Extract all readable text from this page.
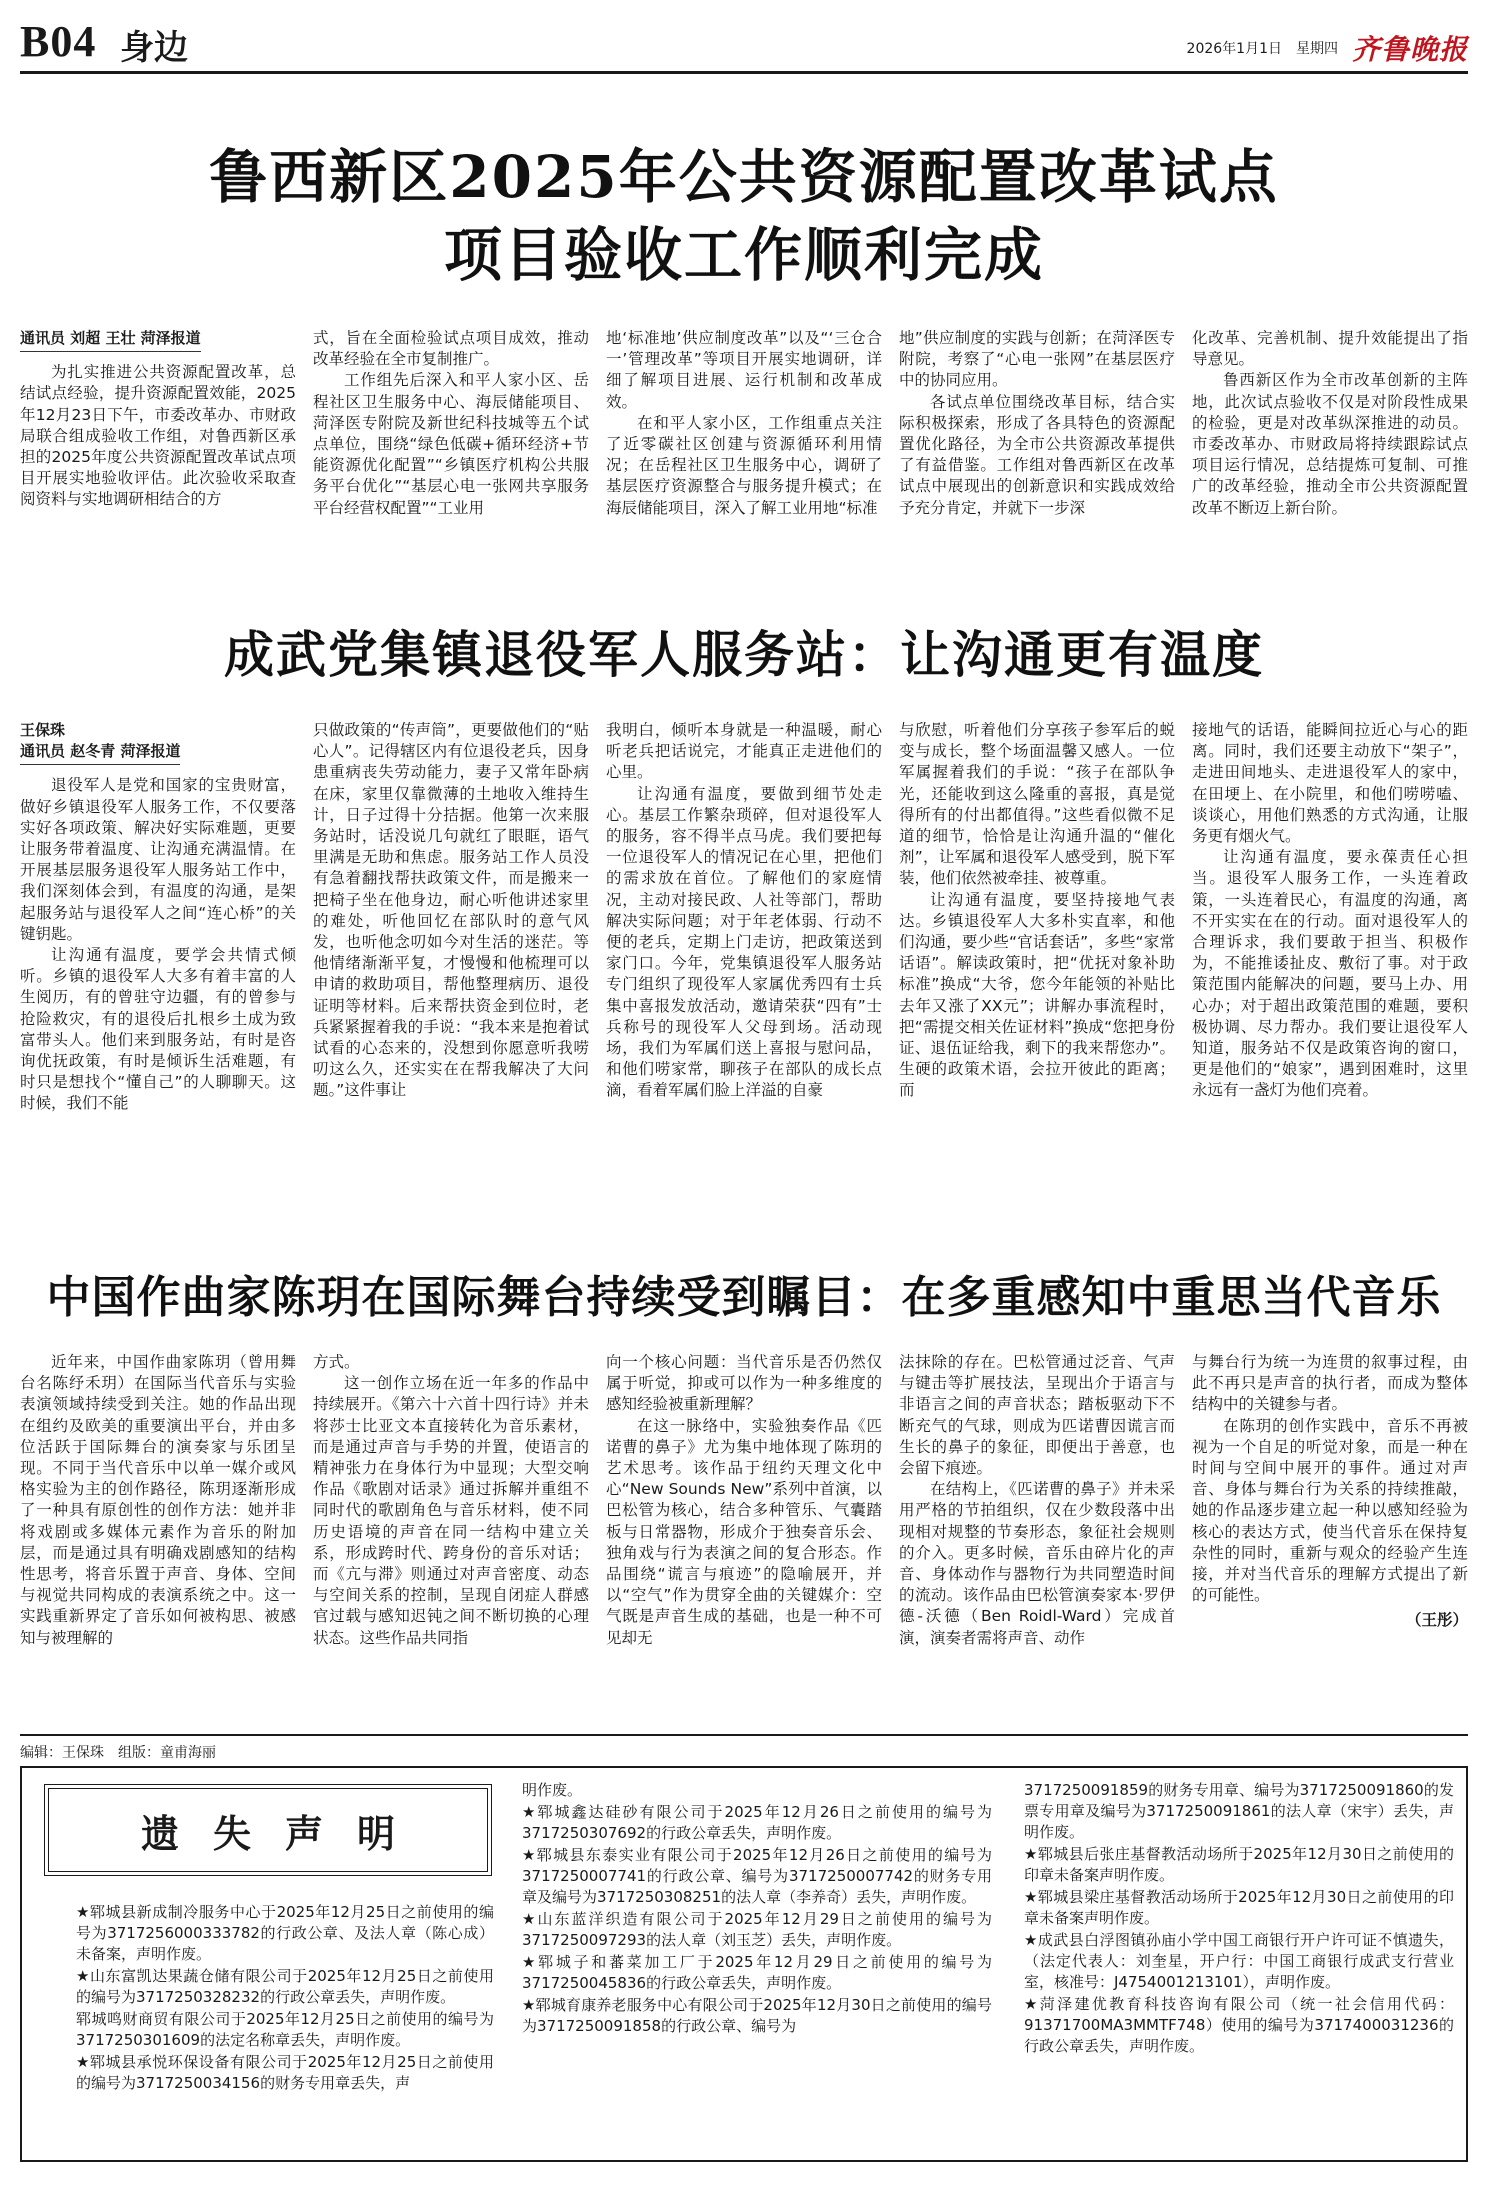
B04 身边	2026年1月1日 星期四 齐鲁晚报
鲁西新区2025年公共资源配置改革试点
项目验收工作顺利完成

通讯员 刘超 王壮 菏泽报道

为扎实推进公共资源配置改革，总结试点经验，提升资源配置效能，2025年12月23日下午，市委改革办、市财政局联合组成验收工作组，对鲁西新区承担的2025年度公共资源配置改革试点项目开展实地验收评估。此次验收采取查阅资料与实地调研相结合的方

式，旨在全面检验试点项目成效，推动改革经验在全市复制推广。

工作组先后深入和平人家小区、岳程社区卫生服务中心、海辰储能项目、菏泽医专附院及新世纪科技城等五个试点单位，围绕“绿色低碳+循环经济+节能资源优化配置”“乡镇医疗机构公共服务平台优化”“基层心电一张网共享服务平台经营权配置”“工业用

地‘标准地’供应制度改革”以及“‘三仓合一’管理改革”等项目开展实地调研，详细了解项目进展、运行机制和改革成效。

在和平人家小区，工作组重点关注了近零碳社区创建与资源循环利用情况；在岳程社区卫生服务中心，调研了基层医疗资源整合与服务提升模式；在海辰储能项目，深入了解工业用地“标准

地”供应制度的实践与创新；在菏泽医专附院，考察了“心电一张网”在基层医疗中的协同应用。

各试点单位围绕改革目标，结合实际积极探索，形成了各具特色的资源配置优化路径，为全市公共资源改革提供了有益借鉴。工作组对鲁西新区在改革试点中展现出的创新意识和实践成效给予充分肯定，并就下一步深

化改革、完善机制、提升效能提出了指导意见。

鲁西新区作为全市改革创新的主阵地，此次试点验收不仅是对阶段性成果的检验，更是对改革纵深推进的动员。市委改革办、市财政局将持续跟踪试点项目运行情况，总结提炼可复制、可推广的改革经验，推动全市公共资源配置改革不断迈上新台阶。

成武党集镇退役军人服务站：让沟通更有温度

王保珠

通讯员 赵冬青 菏泽报道

退役军人是党和国家的宝贵财富，做好乡镇退役军人服务工作，不仅要落实好各项政策、解决好实际难题，更要让服务带着温度、让沟通充满温情。在开展基层服务退役军人服务站工作中，我们深刻体会到，有温度的沟通，是架起服务站与退役军人之间“连心桥”的关键钥匙。

让沟通有温度，要学会共情式倾听。乡镇的退役军人大多有着丰富的人生阅历，有的曾驻守边疆，有的曾参与抢险救灾，有的退役后扎根乡土成为致富带头人。他们来到服务站，有时是咨询优抚政策，有时是倾诉生活难题，有时只是想找个“懂自己”的人聊聊天。这时候，我们不能

只做政策的“传声筒”，更要做他们的“贴心人”。记得辖区内有位退役老兵，因身患重病丧失劳动能力，妻子又常年卧病在床，家里仅靠微薄的土地收入维持生计，日子过得十分拮据。他第一次来服务站时，话没说几句就红了眼眶，语气里满是无助和焦虑。服务站工作人员没有急着翻找帮扶政策文件，而是搬来一把椅子坐在他身边，耐心听他讲述家里的难处，听他回忆在部队时的意气风发，也听他念叨如今对生活的迷茫。等他情绪渐渐平复，才慢慢和他梳理可以申请的救助项目，帮他整理病历、退役证明等材料。后来帮扶资金到位时，老兵紧紧握着我的手说：“我本来是抱着试试看的心态来的，没想到你愿意听我唠叨这么久，还实实在在帮我解决了大问题。”这件事让

我明白，倾听本身就是一种温暖，耐心听老兵把话说完，才能真正走进他们的心里。

让沟通有温度，要做到细节处走心。基层工作繁杂琐碎，但对退役军人的服务，容不得半点马虎。我们要把每一位退役军人的情况记在心里，把他们的需求放在首位。了解他们的家庭情况，主动对接民政、人社等部门，帮助解决实际问题；对于年老体弱、行动不便的老兵，定期上门走访，把政策送到家门口。今年，党集镇退役军人服务站专门组织了现役军人家属优秀四有士兵集中喜报发放活动，邀请荣获“四有”士兵称号的现役军人父母到场。活动现场，我们为军属们送上喜报与慰问品，和他们唠家常，聊孩子在部队的成长点滴，看着军属们脸上洋溢的自豪

与欣慰，听着他们分享孩子参军后的蜕变与成长，整个场面温馨又感人。一位军属握着我们的手说：“孩子在部队争光，还能收到这么隆重的喜报，真是觉得所有的付出都值得。”这些看似微不足道的细节，恰恰是让沟通升温的“催化剂”，让军属和退役军人感受到，脱下军装，他们依然被牵挂、被尊重。

让沟通有温度，要坚持接地气表达。乡镇退役军人大多朴实直率，和他们沟通，要少些“官话套话”，多些“家常话语”。解读政策时，把“优抚对象补助标准”换成“大爷，您今年能领的补贴比去年又涨了XX元”；讲解办事流程时，把“需提交相关佐证材料”换成“您把身份证、退伍证给我，剩下的我来帮您办”。生硬的政策术语，会拉开彼此的距离；而

接地气的话语，能瞬间拉近心与心的距离。同时，我们还要主动放下“架子”，走进田间地头、走进退役军人的家中，在田埂上、在小院里，和他们唠唠嗑、谈谈心，用他们熟悉的方式沟通，让服务更有烟火气。

让沟通有温度，要永葆责任心担当。退役军人服务工作，一头连着政策，一头连着民心，有温度的沟通，离不开实实在在的行动。面对退役军人的合理诉求，我们要敢于担当、积极作为，不能推诿扯皮、敷衍了事。对于政策范围内能解决的问题，要马上办、用心办；对于超出政策范围的难题，要积极协调、尽力帮办。我们要让退役军人知道，服务站不仅是政策咨询的窗口，更是他们的“娘家”，遇到困难时，这里永远有一盏灯为他们亮着。

中国作曲家陈玥在国际舞台持续受到瞩目：在多重感知中重思当代音乐

近年来，中国作曲家陈玥（曾用舞台名陈纾禾玥）在国际当代音乐与实验表演领域持续受到关注。她的作品出现在组约及欧美的重要演出平台，并由多位活跃于国际舞台的演奏家与乐团呈现。不同于当代音乐中以单一媒介或风格实验为主的创作路径，陈玥逐渐形成了一种具有原创性的创作方法：她并非将戏剧或多媒体元素作为音乐的附加层，而是通过具有明确戏剧感知的结构性思考，将音乐置于声音、身体、空间与视觉共同构成的表演系统之中。这一实践重新界定了音乐如何被构思、被感知与被理解的

方式。

这一创作立场在近一年多的作品中持续展开。《第六十六首十四行诗》并未将莎士比亚文本直接转化为音乐素材，而是通过声音与手势的并置，使语言的精神张力在身体行为中显现；大型交响作品《歌剧对话录》通过拆解并重组不同时代的歌剧角色与音乐材料，使不同历史语境的声音在同一结构中建立关系，形成跨时代、跨身份的音乐对话；而《亢与滞》则通过对声音密度、动态与空间关系的控制，呈现自闭症人群感官过载与感知迟钝之间不断切换的心理状态。这些作品共同指

向一个核心问题：当代音乐是否仍然仅属于听觉，抑或可以作为一种多维度的感知经验被重新理解？

在这一脉络中，实验独奏作品《匹诺曹的鼻子》尤为集中地体现了陈玥的艺术思考。该作品于纽约天理文化中心“New Sounds New”系列中首演，以巴松管为核心，结合多种管乐、气囊踏板与日常器物，形成介于独奏音乐会、独角戏与行为表演之间的复合形态。作品围绕“谎言与痕迹”的隐喻展开，并以“空气”作为贯穿全曲的关键媒介：空气既是声音生成的基础，也是一种不可见却无

法抹除的存在。巴松管通过泛音、气声与键击等扩展技法，呈现出介于语言与非语言之间的声音状态；踏板驱动下不断充气的气球，则成为匹诺曹因谎言而生长的鼻子的象征，即便出于善意，也会留下痕迹。

在结构上，《匹诺曹的鼻子》并未采用严格的节拍组织，仅在少数段落中出现相对规整的节奏形态，象征社会规则的介入。更多时候，音乐由碎片化的声音、身体动作与器物行为共同塑造时间的流动。该作品由巴松管演奏家本·罗伊德-沃德（Ben Roidl-Ward）完成首演，演奏者需将声音、动作

与舞台行为统一为连贯的叙事过程，由此不再只是声音的执行者，而成为整体结构中的关键参与者。

在陈玥的创作实践中，音乐不再被视为一个自足的听觉对象，而是一种在时间与空间中展开的事件。通过对声音、身体与舞台行为关系的持续推敲，她的作品逐步建立起一种以感知经验为核心的表达方式，使当代音乐在保持复杂性的同时，重新与观众的经验产生连接，并对当代音乐的理解方式提出了新的可能性。

（王彤）

编辑：王保珠　组版：童甫海丽
遗失声明

★郓城县新成制冷服务中心于2025年12月25日之前使用的编号为3717256000333782的行政公章、及法人章（陈心成）未备案，声明作废。

★山东富凯达果蔬仓储有限公司于2025年12月25日之前使用的编号为3717250328232的行政公章丢失，声明作废。

郓城鸣财商贸有限公司于2025年12月25日之前使用的编号为3717250301609的法定名称章丢失，声明作废。

★郓城县承悦环保设备有限公司于2025年12月25日之前使用的编号为3717250034156的财务专用章丢失，声

明作废。

★郓城鑫达硅砂有限公司于2025年12月26日之前使用的编号为3717250307692的行政公章丢失，声明作废。

★郓城县东泰实业有限公司于2025年12月26日之前使用的编号为3717250007741的行政公章、编号为3717250007742的财务专用章及编号为3717250308251的法人章（李养奇）丢失，声明作废。

★山东蓝洋织造有限公司于2025年12月29日之前使用的编号为3717250097293的法人章（刘玉芝）丢失，声明作废。

★郓城子和蕃菜加工厂于2025年12月29日之前使用的编号为3717250045836的行政公章丢失，声明作废。

★郓城育康养老服务中心有限公司于2025年12月30日之前使用的编号为3717250091858的行政公章、编号为

3717250091859的财务专用章、编号为3717250091860的发票专用章及编号为3717250091861的法人章（宋宇）丢失，声明作废。

★郓城县后张庄基督教活动场所于2025年12月30日之前使用的印章未备案声明作废。

★郓城县梁庄基督教活动场所于2025年12月30日之前使用的印章未备案声明作废。

★成武县白浮图镇孙庙小学中国工商银行开户许可证不慎遗失，（法定代表人：刘奎星，开户行：中国工商银行成武支行营业室，核准号：J4754001213101），声明作废。

★菏泽建优教育科技咨询有限公司（统一社会信用代码：91371700MA3MMTF748）使用的编号为3717400031236的行政公章丢失，声明作废。
